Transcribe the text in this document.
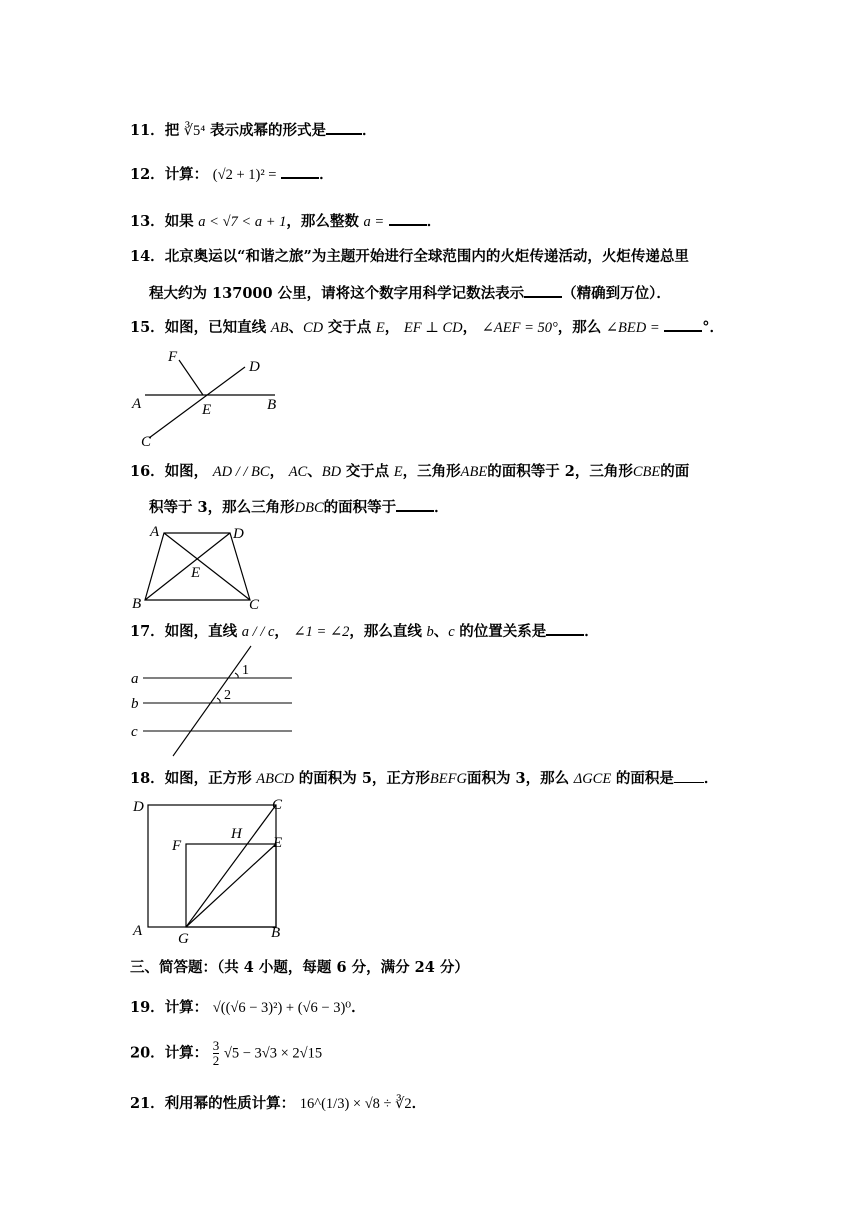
11．把 ∛5⁴ 表示成幂的形式是 ．
12．计算： (√2 + 1)² =	．
13．如果 a < √7 < a + 1，那么整数 a =	．
14．北京奥运以“和谐之旅”为主题开始进行全球范围内的火炬传递活动，火炬传递总里
程大约为 137000 公里，请将这个数字用科学记数法表示	（精确到万位）．
15．如图，已知直线 AB、CD 交于点 E， EF ⊥ CD， ∠AEF = 50°，那么 ∠BED =	°．
F
D
A	E	B
C
16．如图， AD / / BC， AC、BD 交于点 E，三角形ABE的面积等于 2，三角形CBE的面
积等于 3，那么三角形DBC的面积等于	．
A	D
E
B	C
17．如图，直线 a / / c， ∠1 = ∠2，那么直线 b、c 的位置关系是	．
a
b
c
1
2
18．如图，正方形 ABCD 的面积为 5，正方形BEFG面积为 3，那么 ΔGCE 的面积是 ．
D	C
H
F	E
A G	B
三、简答题：（共 4 小题，每题 6 分，满分 24 分）
19．计算： √((√6 − 3)²) + (√6 − 3)⁰．
20．计算： $\frac{3}{2} √5 - 3√3 \times 2√15$
21．利用幂的性质计算： 16^(1/3) × √8 ÷ ∛2．
